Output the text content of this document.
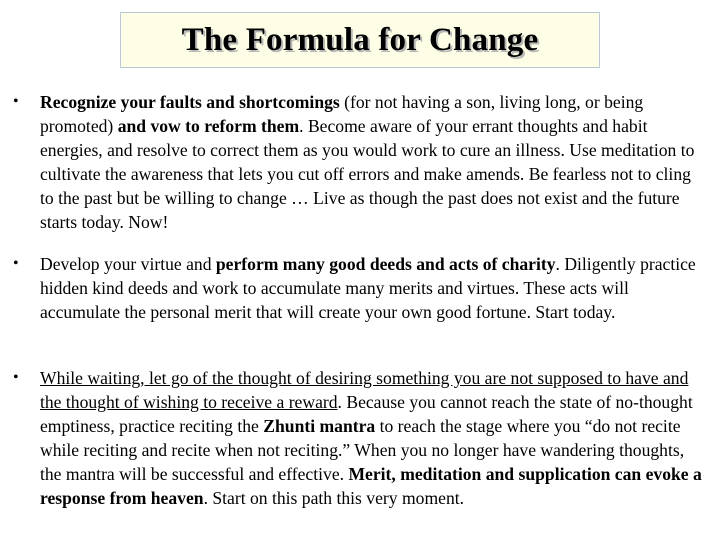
The Formula for Change
• Recognize your faults and shortcomings (for not having a son, living long, or being promoted) and vow to reform them. Become aware of your errant thoughts and habit energies, and resolve to correct them as you would work to cure an illness. Use meditation to cultivate the awareness that lets you cut off errors and make amends. Be fearless not to cling to the past but be willing to change … Live as though the past does not exist and the future starts today. Now!
• Develop your virtue and perform many good deeds and acts of charity. Diligently practice hidden kind deeds and work to accumulate many merits and virtues. These acts will accumulate the personal merit that will create your own good fortune. Start today.
• While waiting, let go of the thought of desiring something you are not supposed to have and the thought of wishing to receive a reward. Because you cannot reach the state of no-thought emptiness, practice reciting the Zhunti mantra to reach the stage where you “do not recite while reciting and recite when not reciting.” When you no longer have wandering thoughts, the mantra will be successful and effective. Merit, meditation and supplication can evoke a response from heaven. Start on this path this very moment.
